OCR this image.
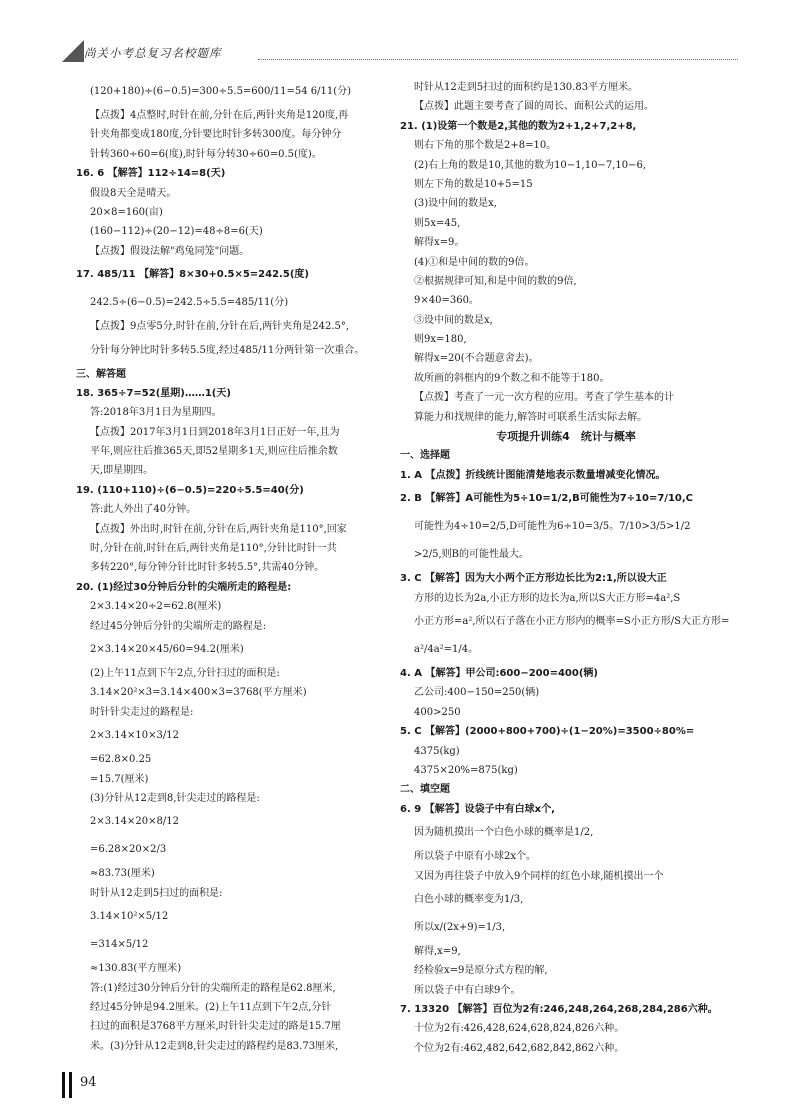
尚关小考总复习名校题库
(120+180)÷(6−0.5)=300÷5.5=600/11=54 6/11(分)
【点拨】4点整时,时针在前,分针在后,两针夹角是120度,再
针夹角都变成180度,分针要比时针多转300度。每分钟分
针转360÷60=6(度),时针每分转30÷60=0.5(度)。
16. 6 【解答】112÷14=8(天)
假设8天全是晴天。
20×8=160(亩)
(160−112)÷(20−12)=48÷8=6(天)
【点拨】假设法解"鸡兔同笼"问题。
17. 485/11 【解答】8×30+0.5×5=242.5(度)
242.5÷(6−0.5)=242.5÷5.5=485/11(分)
【点拨】9点零5分,时针在前,分针在后,两针夹角是242.5°,
分针每分钟比时针多转5.5度,经过485/11分两针第一次重合。
三、解答题
18. 365÷7=52(星期)……1(天)
答:2018年3月1日为星期四。
【点拨】2017年3月1日到2018年3月1日正好一年,且为
平年,则应往后推365天,即52星期多1天,则应往后推余数
天,即星期四。
19. (110+110)÷(6−0.5)=220÷5.5=40(分)
答:此人外出了40分钟。
【点拨】外出时,时针在前,分针在后,两针夹角是110°,回家
时,分针在前,时针在后,两针夹角是110°,分针比时针一共
多转220°,每分钟分针比时针多转5.5°,共需40分钟。
20. (1)经过30分钟后分针的尖端所走的路程是:
2×3.14×20÷2=62.8(厘米)
经过45分钟后分针的尖端所走的路程是:
2×3.14×20×45/60=94.2(厘米)
(2)上午11点到下午2点,分针扫过的面积是:
3.14×20²×3=3.14×400×3=3768(平方厘米)
时针针尖走过的路程是:
2×3.14×10×3/12
=62.8×0.25
=15.7(厘米)
(3)分针从12走到8,针尖走过的路程是:
2×3.14×20×8/12
=6.28×20×2/3
≈83.73(厘米)
时针从12走到5扫过的面积是:
3.14×10²×5/12
=314×5/12
≈130.83(平方厘米)
答:(1)经过30分钟后分针的尖端所走的路程是62.8厘米,
经过45分钟是94.2厘米。(2)上午11点到下午2点,分针
扫过的面积是3768平方厘米,时针针尖走过的路是15.7厘
米。(3)分针从12走到8,针尖走过的路程约是83.73厘米,
时针从12走到5扫过的面积约是130.83平方厘米。
【点拨】此题主要考查了圆的周长、面积公式的运用。
21. (1)设第一个数是2,其他的数为2+1,2+7,2+8,
则右下角的那个数是2+8=10。
(2)右上角的数是10,其他的数为10−1,10−7,10−6,
则左下角的数是10+5=15
(3)设中间的数是x,
则5x=45,
解得x=9。
(4)①和是中间的数的9倍。
②根据规律可知,和是中间的数的9倍,
9×40=360。
③设中间的数是x,
则9x=180,
解得x=20(不合题意舍去)。
故所画的斜框内的9个数之和不能等于180。
【点拨】考查了一元一次方程的应用。考查了学生基本的计
算能力和找规律的能力,解答时可联系生活实际去解。
专项提升训练4　统计与概率
一、选择题
1. A 【点拨】折线统计图能清楚地表示数量增减变化情况。
2. B 【解答】A可能性为5÷10=1/2,B可能性为7÷10=7/10,C
可能性为4÷10=2/5,D可能性为6÷10=3/5。7/10>3/5>1/2
>2/5,则B的可能性最大。
3. C 【解答】因为大小两个正方形边长比为2:1,所以设大正
方形的边长为2a,小正方形的边长为a,所以S大正方形=4a²,S
小正方形=a²,所以石子落在小正方形内的概率=S小正方形/S大正方形=
a²/4a²=1/4。
4. A 【解答】甲公司:600−200=400(辆)
乙公司:400−150=250(辆)
400>250
5. C 【解答】(2000+800+700)÷(1−20%)=3500÷80%=
4375(kg)
4375×20%=875(kg)
二、填空题
6. 9 【解答】设袋子中有白球x个,
因为随机摸出一个白色小球的概率是1/2,
所以袋子中原有小球2x个。
又因为再往袋子中放入9个同样的红色小球,随机摸出一个
白色小球的概率变为1/3,
所以x/(2x+9)=1/3,
解得,x=9,
经检验x=9是原分式方程的解,
所以袋子中有白球9个。
7. 13320 【解答】百位为2有:246,248,264,268,284,286六种。
十位为2有:426,428,624,628,824,826六种。
个位为2有:462,482,642,682,842,862六种。
94
